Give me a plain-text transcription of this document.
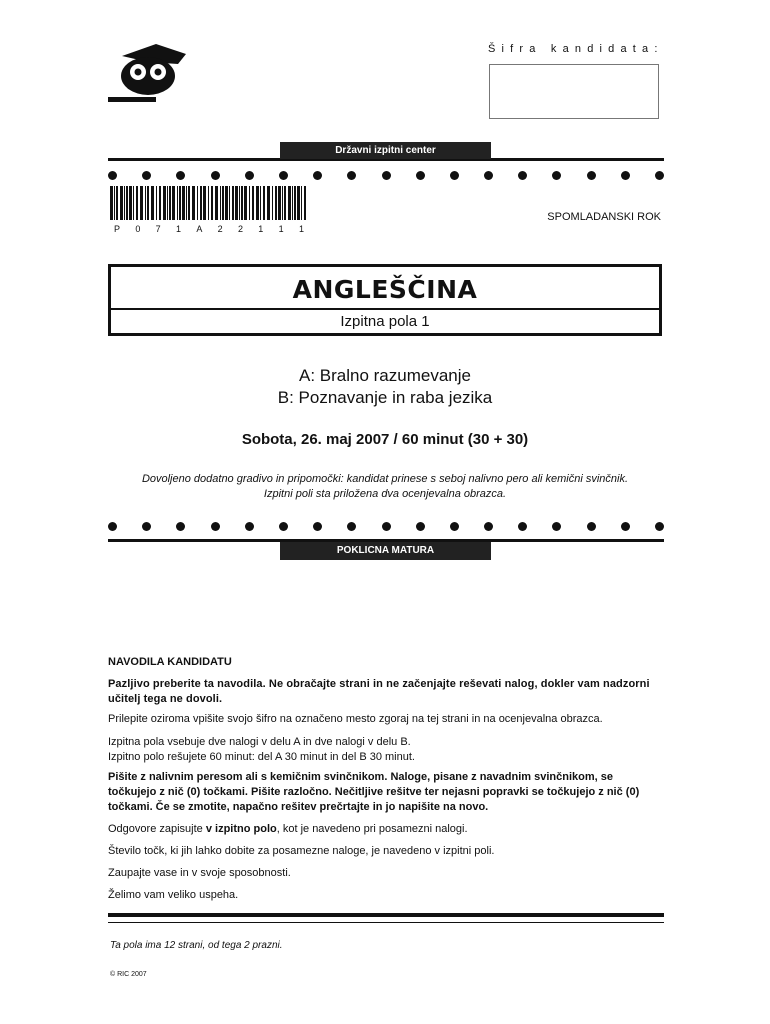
Šifra kandidata:
Državni izpitni center
P 0 7 1 A 2 2 1 1 1
SPOMLADANSKI ROK
ANGLEŠČINA
Izpitna pola 1
A: Bralno razumevanje
B: Poznavanje in raba jezika
Sobota, 26. maj 2007 / 60 minut (30 + 30)
Dovoljeno dodatno gradivo in pripomočki: kandidat prinese s seboj nalivno pero ali kemični svinčnik.
Izpitni poli sta priložena dva ocenjevalna obrazca.
POKLICNA MATURA
NAVODILA KANDIDATU
Pazljivo preberite ta navodila. Ne obračajte strani in ne začenjajte reševati nalog, dokler vam nadzorni učitelj tega ne dovoli.
Prilepite oziroma vpišite svojo šifro na označeno mesto zgoraj na tej strani in na ocenjevalna obrazca.
Izpitna pola vsebuje dve nalogi v delu A in dve nalogi v delu B.
Izpitno polo rešujete 60 minut: del A 30 minut in del B 30 minut.
Pišite z nalivnim peresom ali s kemičnim svinčnikom. Naloge, pisane z navadnim svinčnikom, se točkujejo z nič (0) točkami. Pišite razločno. Nečitljive rešitve ter nejasni popravki se točkujejo z nič (0) točkami. Če se zmotite, napačno rešitev prečrtajte in jo napišite na novo.
Odgovore zapisujte v izpitno polo, kot je navedeno pri posamezni nalogi.
Število točk, ki jih lahko dobite za posamezne naloge, je navedeno v izpitni poli.
Zaupajte vase in v svoje sposobnosti.
Želimo vam veliko uspeha.
Ta pola ima 12 strani, od tega 2 prazni.
© RIC 2007
